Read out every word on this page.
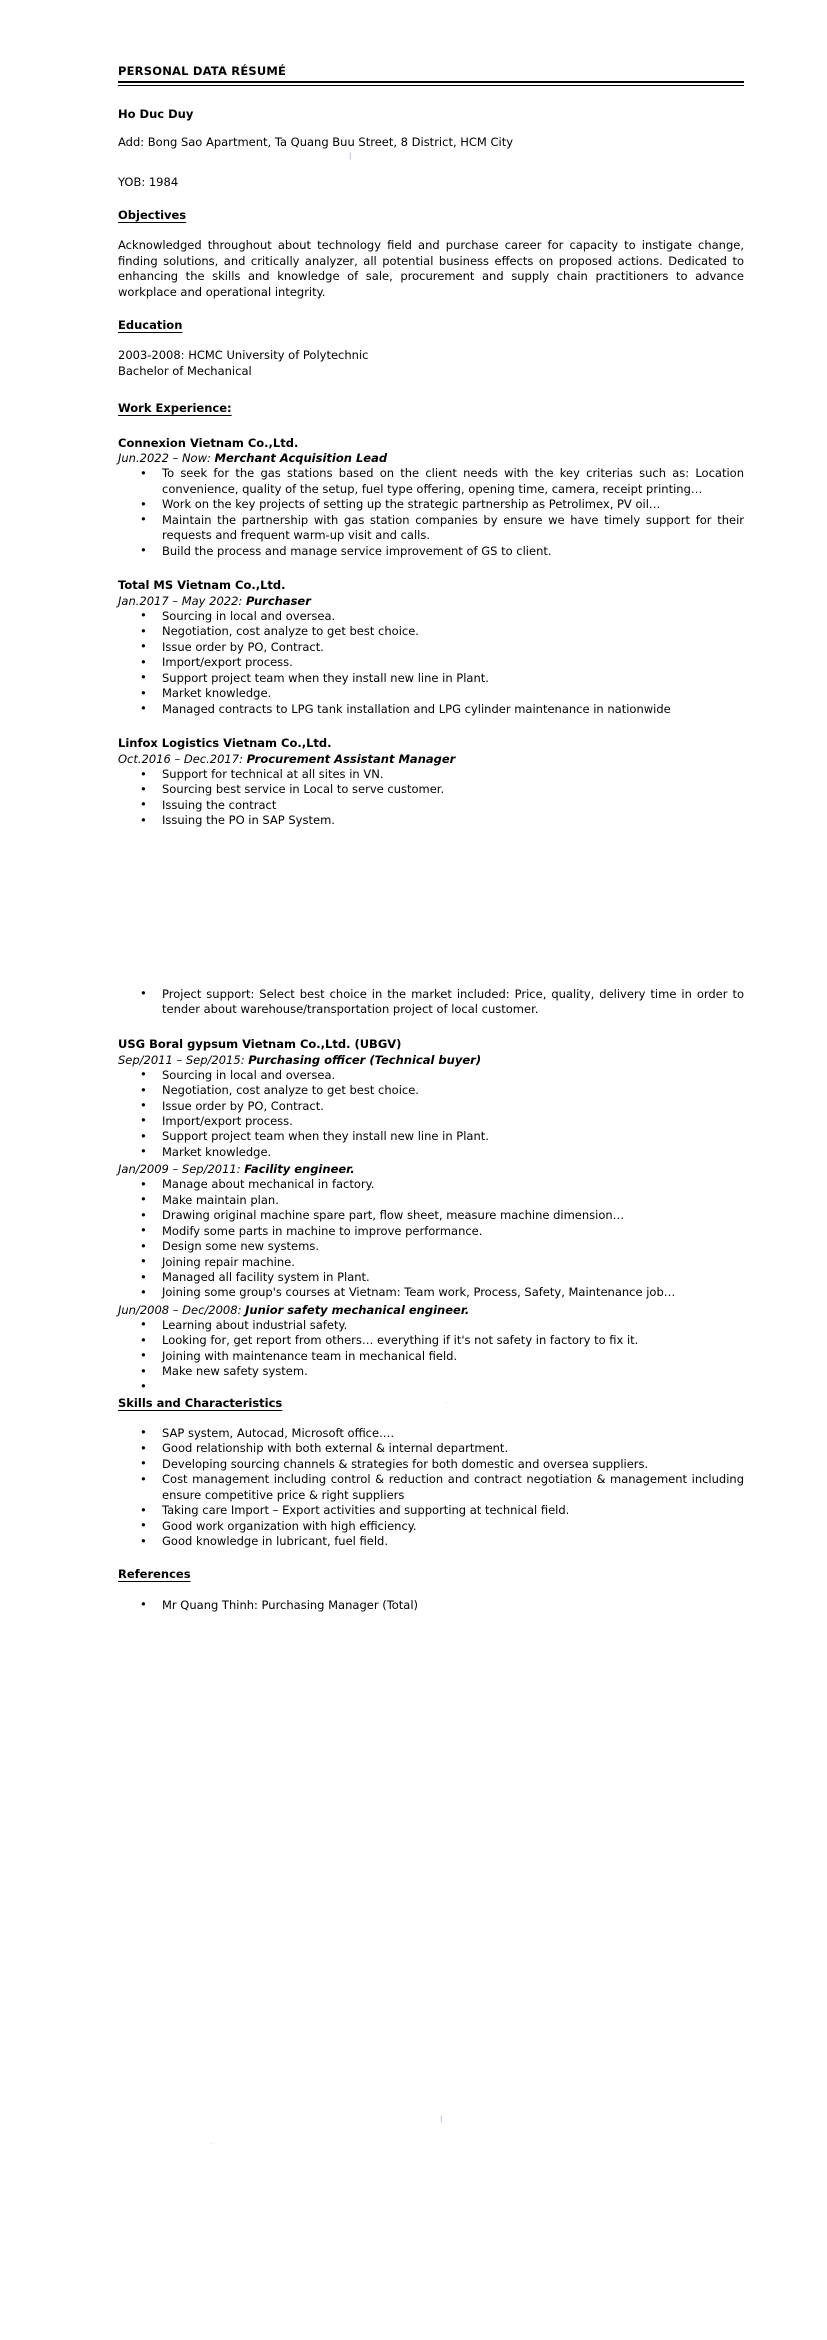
|
·
|
·
PERSONAL DATA RÉSUMÉ
Ho Duc Duy
Add: Bong Sao Apartment, Ta Quang Buu Street, 8 District, HCM City
YOB: 1984
Objectives
Acknowledged throughout about technology field and purchase career for capacity to instigate change, finding solutions, and critically analyzer, all potential business effects on proposed actions. Dedicated to enhancing the skills and knowledge of sale, procurement and supply chain practitioners to advance workplace and operational integrity.
Education
2003-2008: HCMC University of Polytechnic
Bachelor of Mechanical
Work Experience:
Connexion Vietnam Co.,Ltd.
Jun.2022 – Now: Merchant Acquisition Lead
• To seek for the gas stations based on the client needs with the key criterias such as: Location convenience, quality of the setup, fuel type offering, opening time, camera, receipt printing…
• Work on the key projects of setting up the strategic partnership as Petrolimex, PV oil…
• Maintain the partnership with gas station companies by ensure we have timely support for their requests and frequent warm-up visit and calls.
• Build the process and manage service improvement of GS to client.
Total MS Vietnam Co.,Ltd.
Jan.2017 – May 2022: Purchaser
• Sourcing in local and oversea.
• Negotiation, cost analyze to get best choice.
• Issue order by PO, Contract.
• Import/export process.
• Support project team when they install new line in Plant.
• Market knowledge.
• Managed contracts to LPG tank installation and LPG cylinder maintenance in nationwide
Linfox Logistics Vietnam Co.,Ltd.
Oct.2016 – Dec.2017: Procurement Assistant Manager
• Support for technical at all sites in VN.
• Sourcing best service in Local to serve customer.
• Issuing the contract
• Issuing the PO in SAP System.
• Project support: Select best choice in the market included: Price, quality, delivery time in order to tender about warehouse/transportation project of local customer.
USG Boral gypsum Vietnam Co.,Ltd. (UBGV)
Sep/2011 – Sep/2015: Purchasing officer (Technical buyer)
• Sourcing in local and oversea.
• Negotiation, cost analyze to get best choice.
• Issue order by PO, Contract.
• Import/export process.
• Support project team when they install new line in Plant.
• Market knowledge.
Jan/2009 – Sep/2011: Facility engineer.
• Manage about mechanical in factory.
• Make maintain plan.
• Drawing original machine spare part, flow sheet, measure machine dimension…
• Modify some parts in machine to improve performance.
• Design some new systems.
• Joining repair machine.
• Managed all facility system in Plant.
• Joining some group's courses at Vietnam: Team work, Process, Safety, Maintenance job…
Jun/2008 – Dec/2008: Junior safety mechanical engineer.
• Learning about industrial safety.
• Looking for, get report from others… everything if it's not safety in factory to fix it.
• Joining with maintenance team in mechanical field.
• Make new safety system.
•
Skills and Characteristics
• SAP system, Autocad, Microsoft office.…
• Good relationship with both external & internal department.
• Developing sourcing channels & strategies for both domestic and oversea suppliers.
• Cost management including control & reduction and contract negotiation & management including ensure competitive price & right suppliers
• Taking care Import – Export activities and supporting at technical field.
• Good work organization with high efficiency.
• Good knowledge in lubricant, fuel field.
References
• Mr Quang Thinh: Purchasing Manager (Total)
